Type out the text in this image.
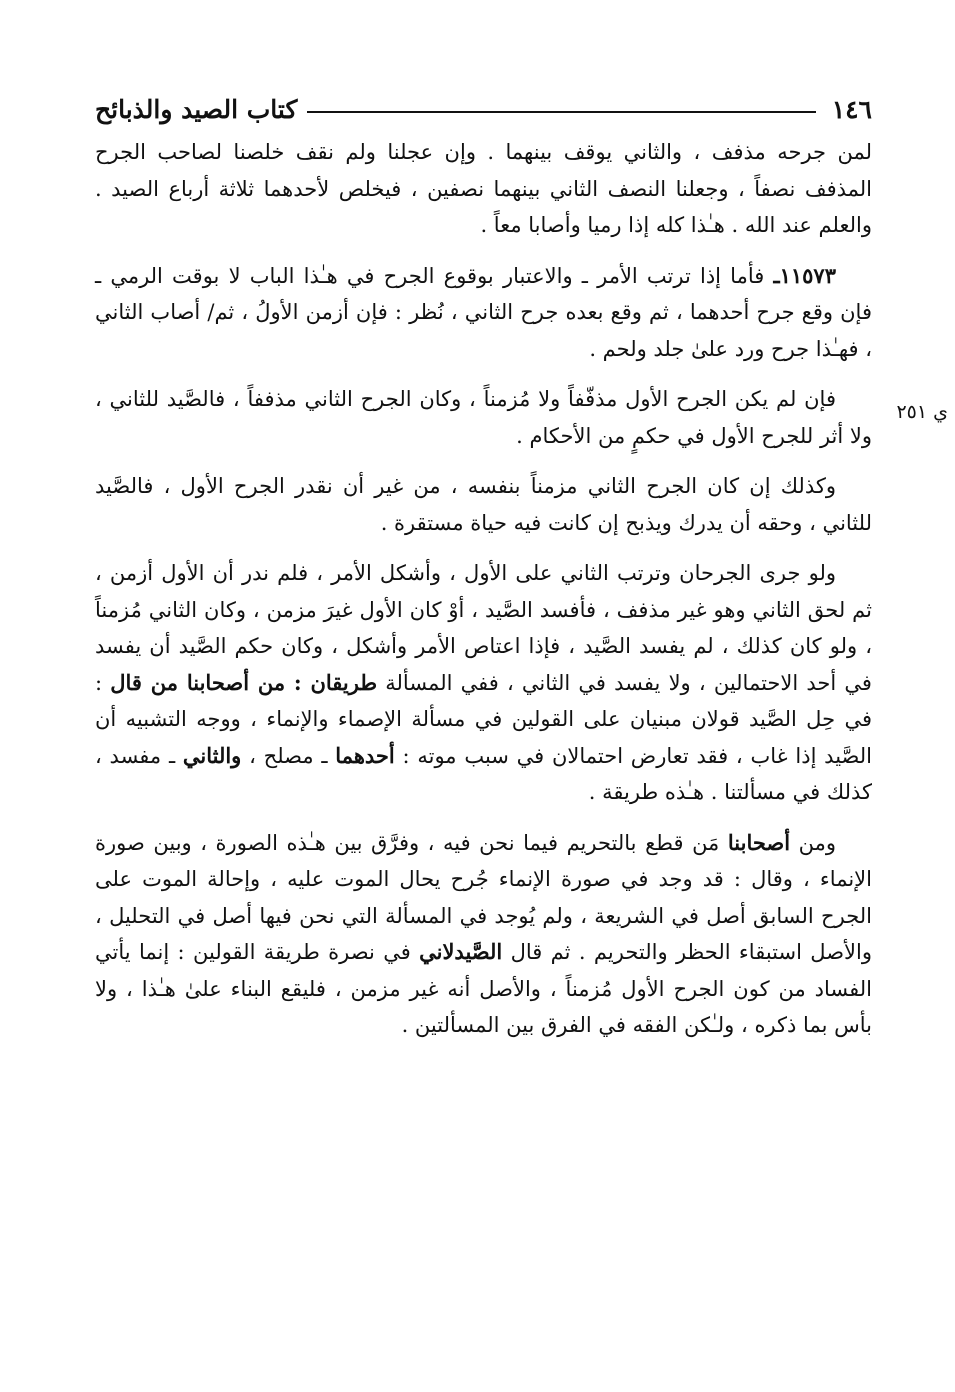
١٤٦
كتاب الصيد والذبائح
ي ٢٥١

لمن جرحه مذفف ، والثاني يوقف بينهما . وإن عجلنا ولم نقف خلصنا لصاحب الجرح المذفف نصفاً ، وجعلنا النصف الثاني بينهما نصفين ، فيخلص لأحدهما ثلاثة أرباع الصيد . والعلم عند الله . هـٰذا كله إذا رميا وأصابا معاً .

١١٥٧٣ـ فأما إذا ترتب الأمر ـ والاعتبار بوقوع الجرح في هـٰذا الباب لا بوقت الرمي ـ فإن وقع جرح أحدهما ، ثم وقع بعده جرح الثاني ، نُظر : فإن أزمن الأولُ ، ثم/ أصاب الثاني ، فهـٰذا جرح ورد علىٰ جلد ولحم .

فإن لم يكن الجرح الأول مذفّفاً ولا مُزمناً ، وكان الجرح الثاني مذففاً ، فالصَّيد للثاني ، ولا أثر للجرح الأول في حكمٍ من الأحكام .

وكذلك إن كان الجرح الثاني مزمناً بنفسه ، من غير أن نقدر الجرح الأول ، فالصَّيد للثاني ، وحقه أن يدرك ويذبح إن كانت فيه حياة مستقرة .

ولو جرى الجرحان وترتب الثاني على الأول ، وأشكل الأمر ، فلم ندر أن الأول أزمن ، ثم لحق الثاني وهو غير مذفف ، فأفسد الصَّيد ، أوْ كان الأول غيرَ مزمن ، وكان الثاني مُزمناً ، ولو كان كذلك ، لم يفسد الصَّيد ، فإذا اعتاص الأمر وأشكل ، وكان حكم الصَّيد أن يفسد في أحد الاحتمالين ، ولا يفسد في الثاني ، ففي المسألة طريقان : من أصحابنا من قال : في حِل الصَّيد قولان مبنيان على القولين في مسألة الإصماء والإنماء ، ووجه التشبيه أن الصَّيد إذا غاب ، فقد تعارض احتمالان في سبب موته : أحدهما ـ مصلح ، والثاني ـ مفسد ، كذلك في مسألتنا . هـٰذه طريقة .

ومن أصحابنا مَن قطع بالتحريم فيما نحن فيه ، وفرَّق بين هـٰذه الصورة ، وبين صورة الإنماء ، وقال : قد وجد في صورة الإنماء جُرح يحال الموت عليه ، وإحالة الموت على الجرح السابق أصل في الشريعة ، ولم يُوجد في المسألة التي نحن فيها أصل في التحليل ، والأصل استبقاء الحظر والتحريم . ثم قال الصَّيدلاني في نصرة طريقة القولين : إنما يأتي الفساد من كون الجرح الأول مُزمناً ، والأصل أنه غير مزمن ، فليقع البناء علىٰ هـٰذا ، ولا بأس بما ذكره ، ولـٰكن الفقه في الفرق بين المسألتين .
